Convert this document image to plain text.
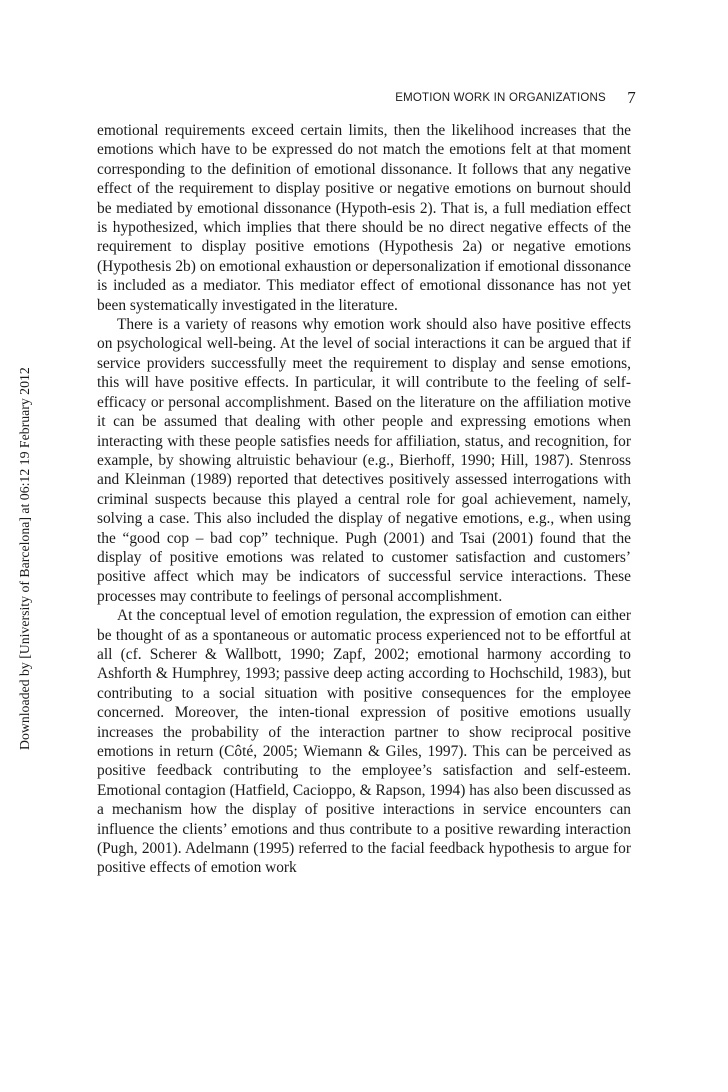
EMOTION WORK IN ORGANIZATIONS 7
Downloaded by [University of Barcelona] at 06:12 19 February 2012

emotional requirements exceed certain limits, then the likelihood increases that the emotions which have to be expressed do not match the emotions felt at that moment corresponding to the definition of emotional dissonance. It follows that any negative effect of the requirement to display positive or negative emotions on burnout should be mediated by emotional dissonance (Hypoth-esis 2). That is, a full mediation effect is hypothesized, which implies that there should be no direct negative effects of the requirement to display positive emotions (Hypothesis 2a) or negative emotions (Hypothesis 2b) on emotional exhaustion or depersonalization if emotional dissonance is included as a mediator. This mediator effect of emotional dissonance has not yet been systematically investigated in the literature.

There is a variety of reasons why emotion work should also have positive effects on psychological well-being. At the level of social interactions it can be argued that if service providers successfully meet the requirement to display and sense emotions, this will have positive effects. In particular, it will contribute to the feeling of self-efficacy or personal accomplishment. Based on the literature on the affiliation motive it can be assumed that dealing with other people and expressing emotions when interacting with these people satisfies needs for affiliation, status, and recognition, for example, by showing altruistic behaviour (e.g., Bierhoff, 1990; Hill, 1987). Stenross and Kleinman (1989) reported that detectives positively assessed interrogations with criminal suspects because this played a central role for goal achievement, namely, solving a case. This also included the display of negative emotions, e.g., when using the “good cop – bad cop” technique. Pugh (2001) and Tsai (2001) found that the display of positive emotions was related to customer satisfaction and customers’ positive affect which may be indicators of successful service interactions. These processes may contribute to feelings of personal accomplishment.

At the conceptual level of emotion regulation, the expression of emotion can either be thought of as a spontaneous or automatic process experienced not to be effortful at all (cf. Scherer & Wallbott, 1990; Zapf, 2002; emotional harmony according to Ashforth & Humphrey, 1993; passive deep acting according to Hochschild, 1983), but contributing to a social situation with positive consequences for the employee concerned. Moreover, the inten-tional expression of positive emotions usually increases the probability of the interaction partner to show reciprocal positive emotions in return (Côté, 2005; Wiemann & Giles, 1997). This can be perceived as positive feedback contributing to the employee’s satisfaction and self-esteem. Emotional contagion (Hatfield, Cacioppo, & Rapson, 1994) has also been discussed as a mechanism how the display of positive interactions in service encounters can influence the clients’ emotions and thus contribute to a positive rewarding interaction (Pugh, 2001). Adelmann (1995) referred to the facial feedback hypothesis to argue for positive effects of emotion work
